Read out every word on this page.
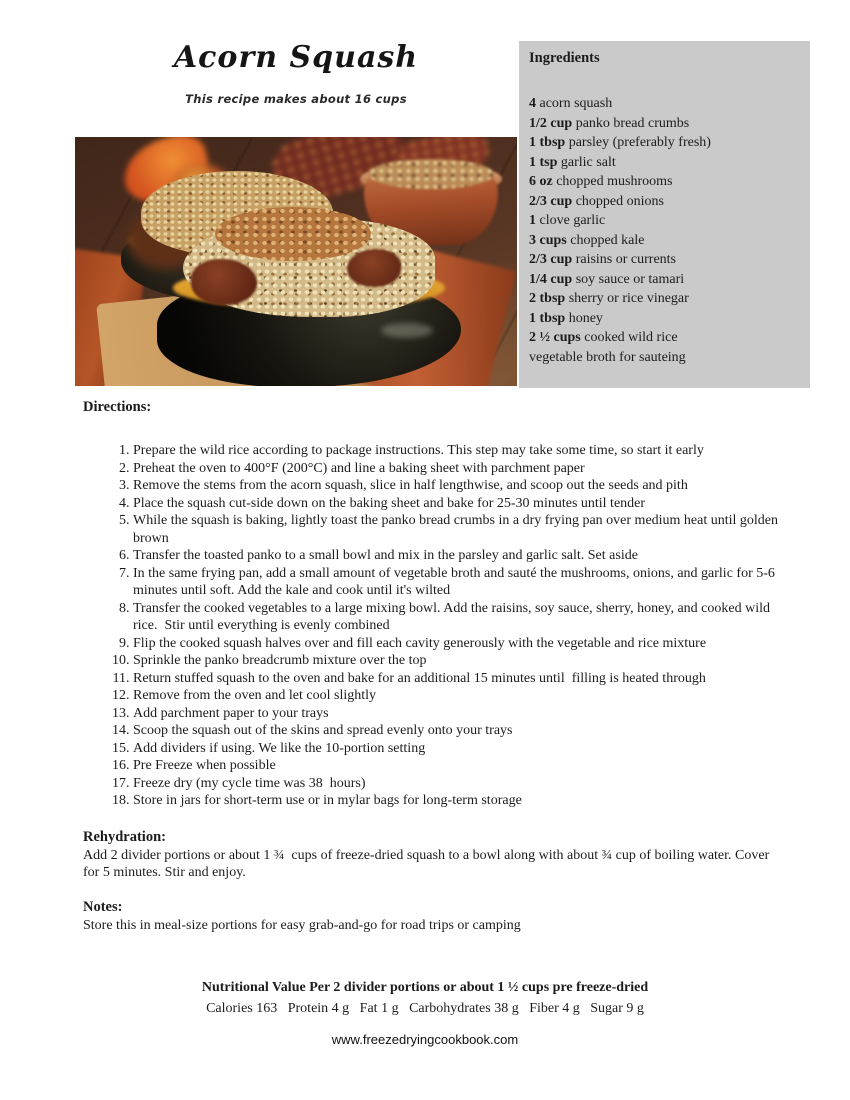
Acorn Squash
This recipe makes about 16 cups
Ingredients
4 acorn squash
1/2 cup panko bread crumbs
1 tbsp parsley (preferably fresh)
1 tsp garlic salt
6 oz chopped mushrooms
2/3 cup chopped onions
1 clove garlic
3 cups chopped kale
2/3 cup raisins or currents
1/4 cup soy sauce or tamari
2 tbsp sherry or rice vinegar
1 tbsp honey
2 ½ cups cooked wild rice
vegetable broth for sauteing
Directions:
1. Prepare the wild rice according to package instructions. This step may take some time, so start it early
2. Preheat the oven to 400°F (200°C) and line a baking sheet with parchment paper
3. Remove the stems from the acorn squash, slice in half lengthwise, and scoop out the seeds and pith
4. Place the squash cut-side down on the baking sheet and bake for 25-30 minutes until tender
5. While the squash is baking, lightly toast the panko bread crumbs in a dry frying pan over medium heat until golden brown
6. Transfer the toasted panko to a small bowl and mix in the parsley and garlic salt. Set aside
7. In the same frying pan, add a small amount of vegetable broth and sauté the mushrooms, onions, and garlic for 5-6 minutes until soft. Add the kale and cook until it's wilted
8. Transfer the cooked vegetables to a large mixing bowl. Add the raisins, soy sauce, sherry, honey, and cooked wild rice.  Stir until everything is evenly combined
9. Flip the cooked squash halves over and fill each cavity generously with the vegetable and rice mixture
10. Sprinkle the panko breadcrumb mixture over the top
11. Return stuffed squash to the oven and bake for an additional 15 minutes until  filling is heated through
12. Remove from the oven and let cool slightly
13. Add parchment paper to your trays
14. Scoop the squash out of the skins and spread evenly onto your trays
15. Add dividers if using. We like the 10-portion setting
16. Pre Freeze when possible
17. Freeze dry (my cycle time was 38  hours)
18. Store in jars for short-term use or in mylar bags for long-term storage
Rehydration:
Add 2 divider portions or about 1 ¾  cups of freeze-dried squash to a bowl along with about ¾ cup of boiling water. Cover for 5 minutes. Stir and enjoy.
Notes:
Store this in meal-size portions for easy grab-and-go for road trips or camping
Nutritional Value Per 2 divider portions or about 1 ½ cups pre freeze-dried
Calories 163   Protein 4 g   Fat 1 g   Carbohydrates 38 g   Fiber 4 g   Sugar 9 g
www.freezedryingcookbook.com
